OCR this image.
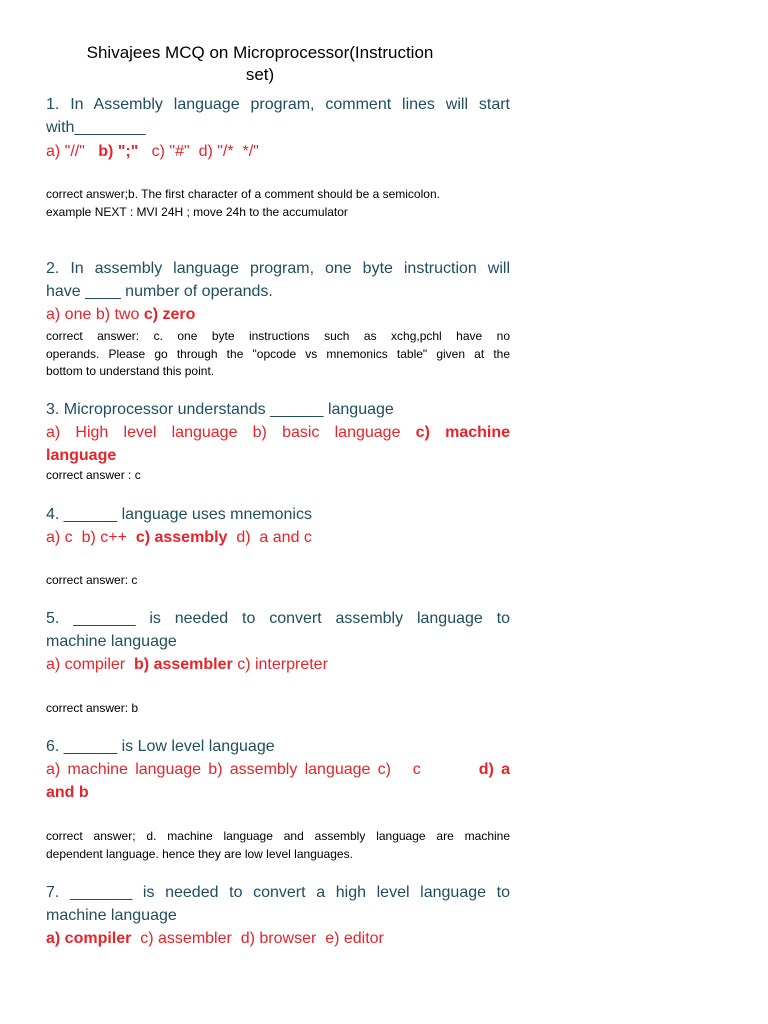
Shivajees MCQ on Microprocessor(Instruction
set)
1. In Assembly language program, comment lines will start
with________
a) "//"   b) ";"   c) "#"  d) "/*  */"
correct answer;b. The first character of a comment should be a semicolon.
example NEXT : MVI 24H ; move 24h to the accumulator
2. In assembly language program, one byte instruction will
have ____ number of operands.
a) one b) two c) zero
correct answer: c. one byte instructions such as xchg,pchl have no
operands. Please go through the "opcode vs mnemonics table" given at the
bottom to understand this point.
3. Microprocessor understands ______ language
a)  High  level  language  b)  basic  language  c)  machine
language
correct answer : c
4. ______ language uses mnemonics
a) c  b) c++  c) assembly  d)  a and c
correct answer: c
5. _______ is needed to convert assembly language to
machine language
a) compiler  b) assembler c) interpreter
correct answer: b
6. ______ is Low level language
a) machine language b) assembly language c)   c        d) a
and b
correct answer; d. machine language and assembly language are machine
dependent language. hence they are low level languages.
7. _______ is needed to convert a high level language to
machine language
a) compiler  c) assembler  d) browser  e) editor
